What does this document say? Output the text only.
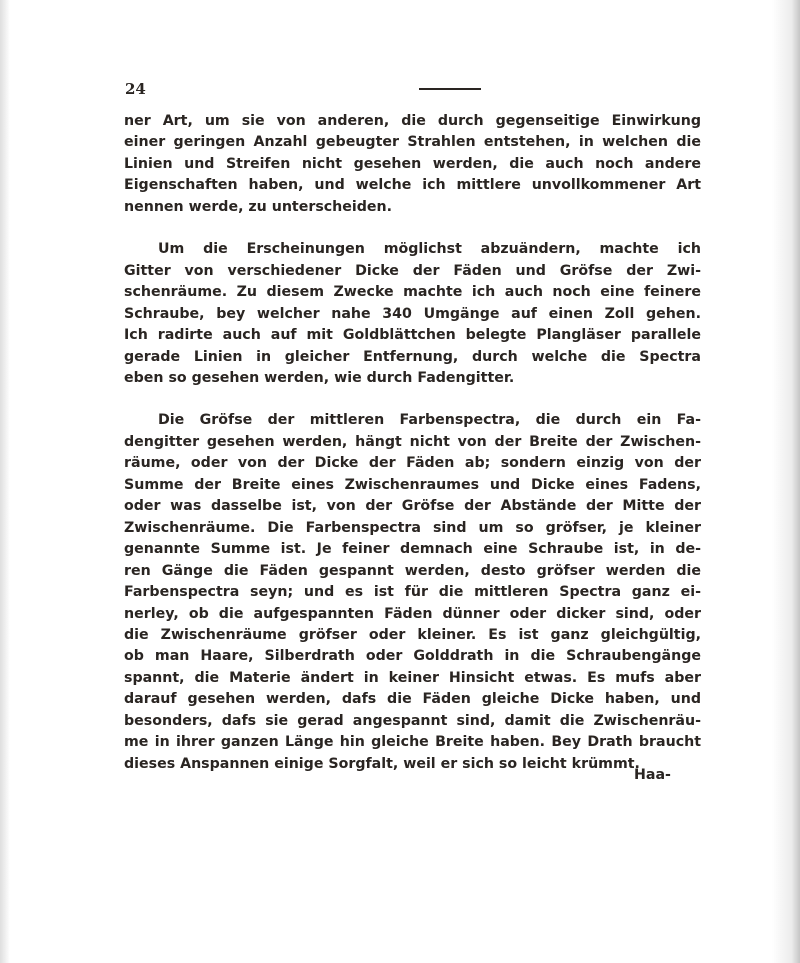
24
ner Art, um sie von anderen, die durch gegenseitige Einwirkung
einer geringen Anzahl gebeugter Strahlen entstehen, in welchen die
Linien und Streifen nicht gesehen werden, die auch noch andere
Eigenschaften haben, und welche ich mittlere unvollkommener Art
nennen werde, zu unterscheiden.
Um die Erscheinungen möglichst abzuändern, machte ich
Gitter von verschiedener Dicke der Fäden und Gröfse der Zwi-
schenräume. Zu diesem Zwecke machte ich auch noch eine feinere
Schraube, bey welcher nahe 340 Umgänge auf einen Zoll gehen.
Ich radirte auch auf mit Goldblättchen belegte Plangläser parallele
gerade Linien in gleicher Entfernung, durch welche die Spectra
eben so gesehen werden, wie durch Fadengitter.
Die Gröfse der mittleren Farbenspectra, die durch ein Fa-
dengitter gesehen werden, hängt nicht von der Breite der Zwischen-
räume, oder von der Dicke der Fäden ab; sondern einzig von der
Summe der Breite eines Zwischenraumes und Dicke eines Fadens,
oder was dasselbe ist, von der Gröfse der Abstände der Mitte der
Zwischenräume. Die Farbenspectra sind um so gröfser, je kleiner
genannte Summe ist. Je feiner demnach eine Schraube ist, in de-
ren Gänge die Fäden gespannt werden, desto gröfser werden die
Farbenspectra seyn; und es ist für die mittleren Spectra ganz ei-
nerley, ob die aufgespannten Fäden dünner oder dicker sind, oder
die Zwischenräume gröfser oder kleiner. Es ist ganz gleichgültig,
ob man Haare, Silberdrath oder Golddrath in die Schraubengänge
spannt, die Materie ändert in keiner Hinsicht etwas. Es mufs aber
darauf gesehen werden, dafs die Fäden gleiche Dicke haben, und
besonders, dafs sie gerad angespannt sind, damit die Zwischenräu-
me in ihrer ganzen Länge hin gleiche Breite haben. Bey Drath braucht
dieses Anspannen einige Sorgfalt, weil er sich so leicht krümmt.
Haa-
